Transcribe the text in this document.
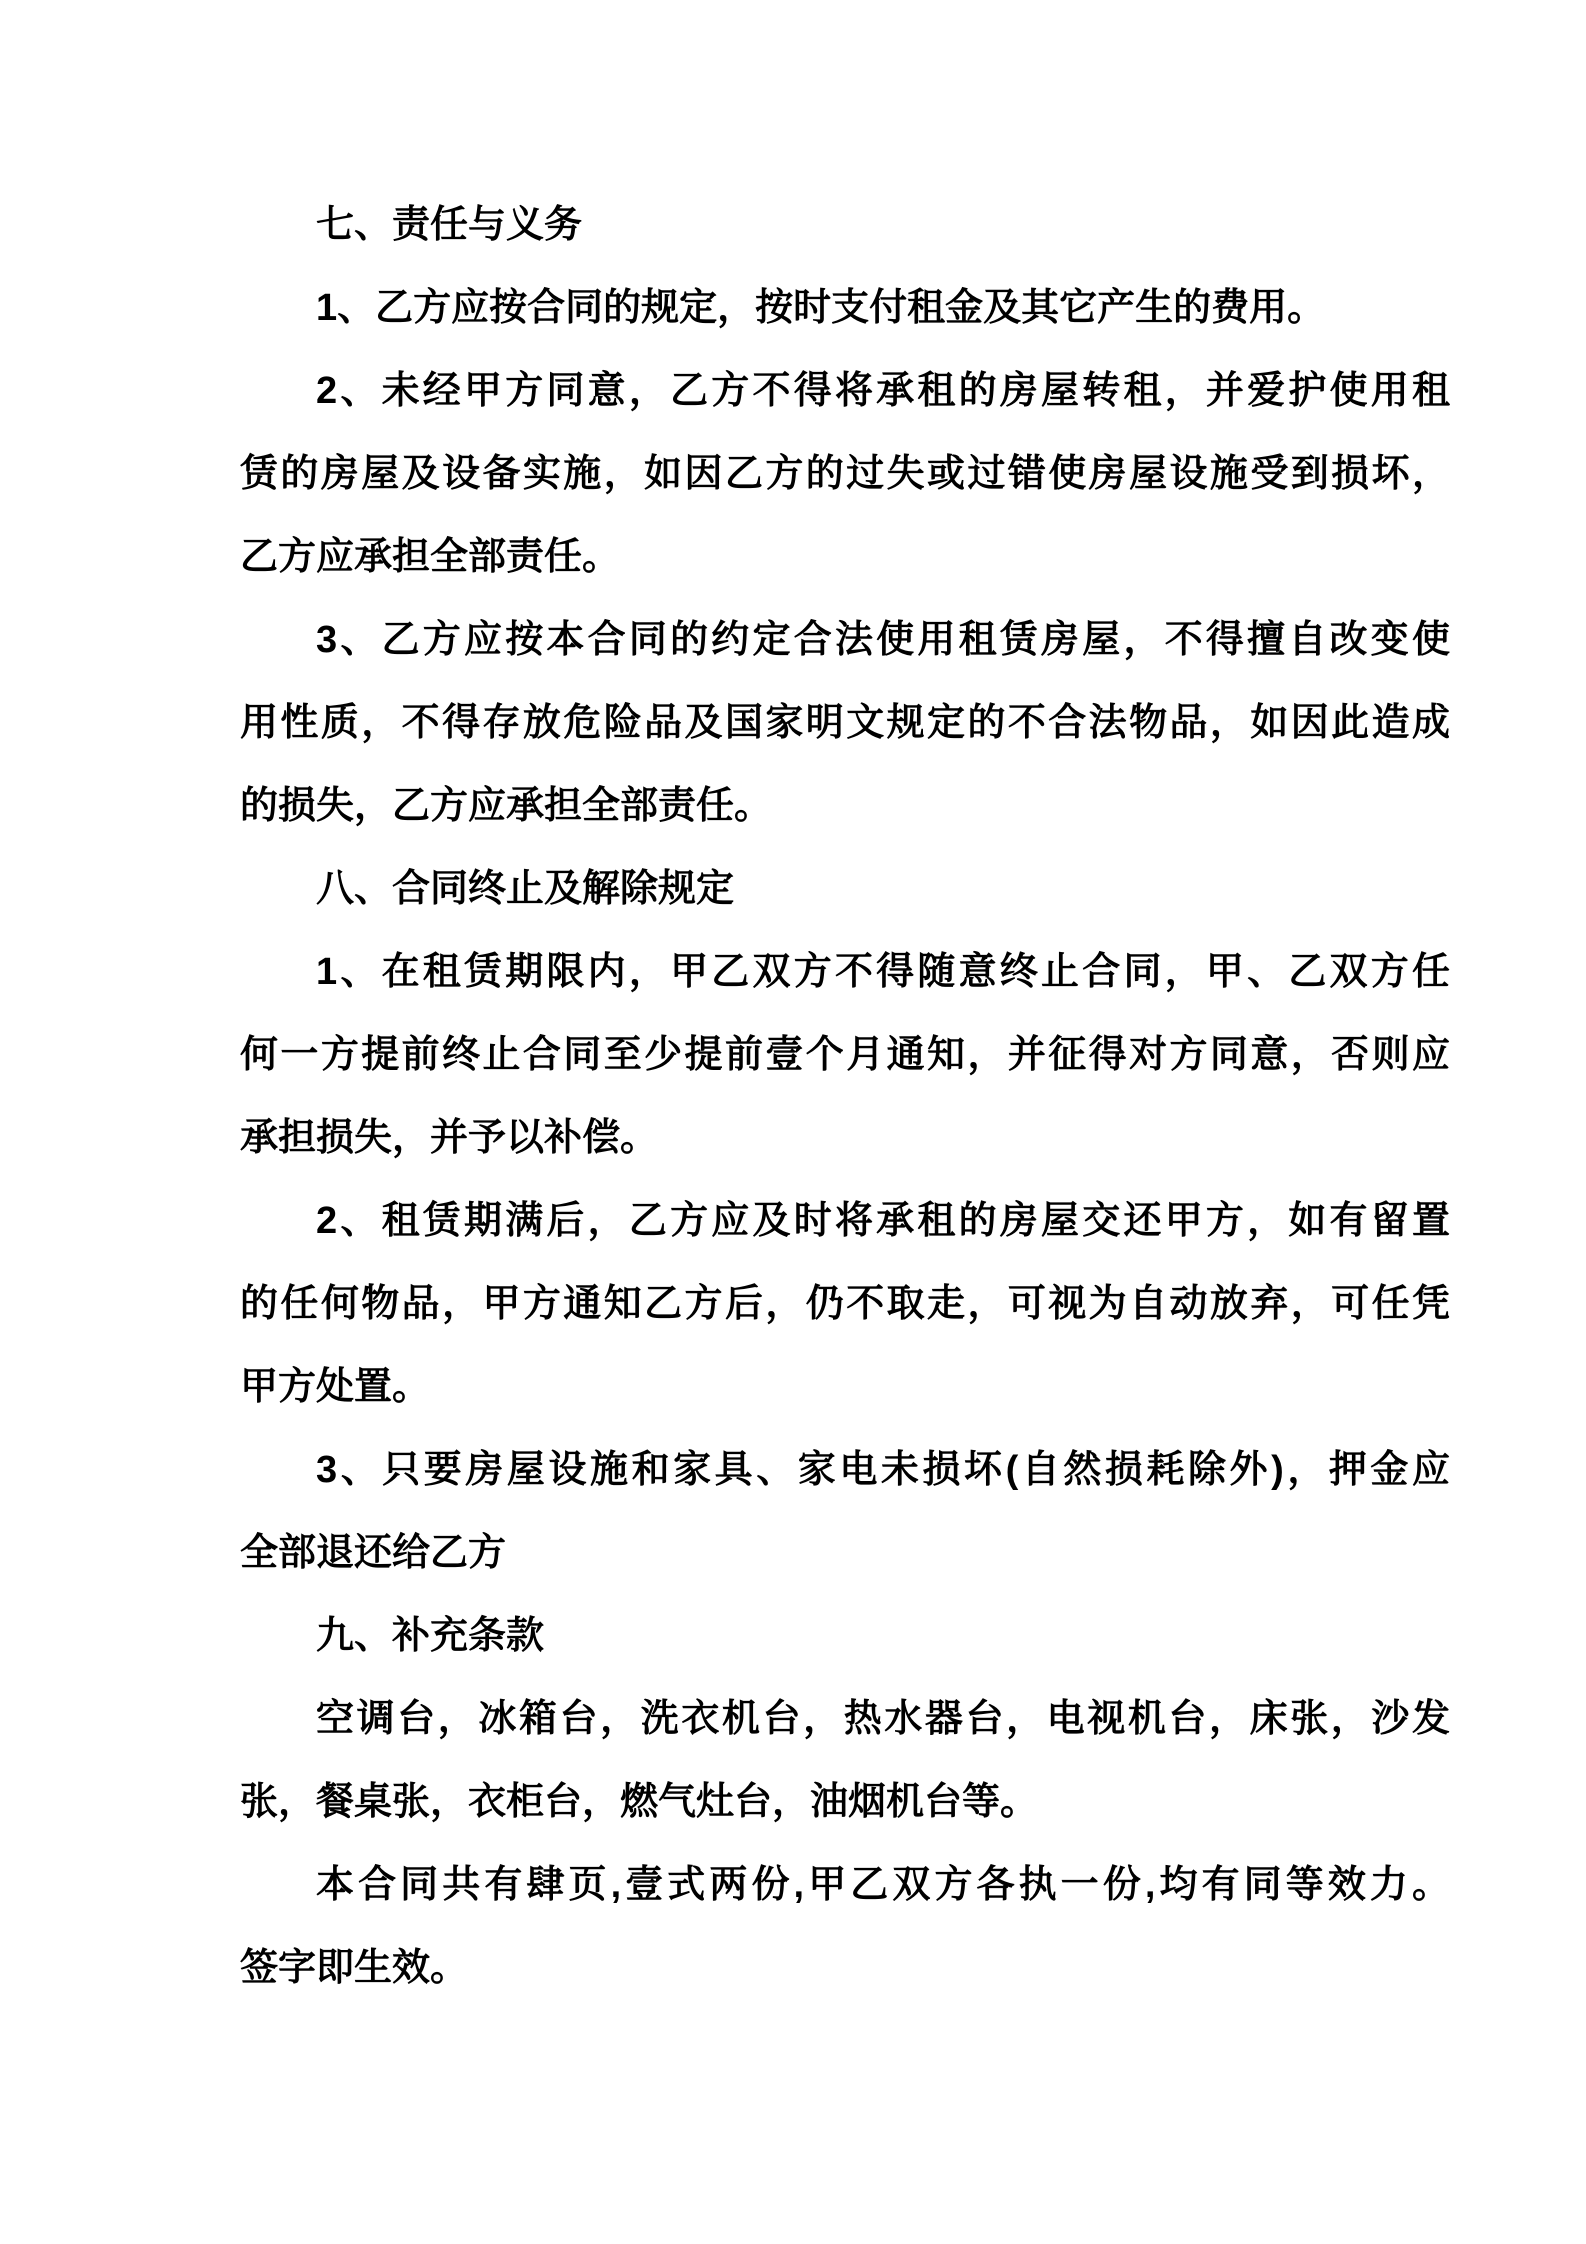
七、责任与义务
1、乙方应按合同的规定，按时支付租金及其它产生的费用。
2、未经甲方同意，乙方不得将承租的房屋转租，并爱护使用租
赁的房屋及设备实施，如因乙方的过失或过错使房屋设施受到损坏，
乙方应承担全部责任。
3、乙方应按本合同的约定合法使用租赁房屋，不得擅自改变使
用性质，不得存放危险品及国家明文规定的不合法物品，如因此造成
的损失，乙方应承担全部责任。
八、合同终止及解除规定
1、在租赁期限内，甲乙双方不得随意终止合同，甲、乙双方任
何一方提前终止合同至少提前壹个月通知，并征得对方同意，否则应
承担损失，并予以补偿。
2、租赁期满后，乙方应及时将承租的房屋交还甲方，如有留置
的任何物品，甲方通知乙方后，仍不取走，可视为自动放弃，可任凭
甲方处置。
3、只要房屋设施和家具、家电未损坏(自然损耗除外)，押金应
全部退还给乙方
九、补充条款
空调台，冰箱台，洗衣机台，热水器台，电视机台，床张，沙发
张，餐桌张，衣柜台，燃气灶台，油烟机台等。
本合同共有肆页,壹式两份,甲乙双方各执一份,均有同等效力。
签字即生效。
